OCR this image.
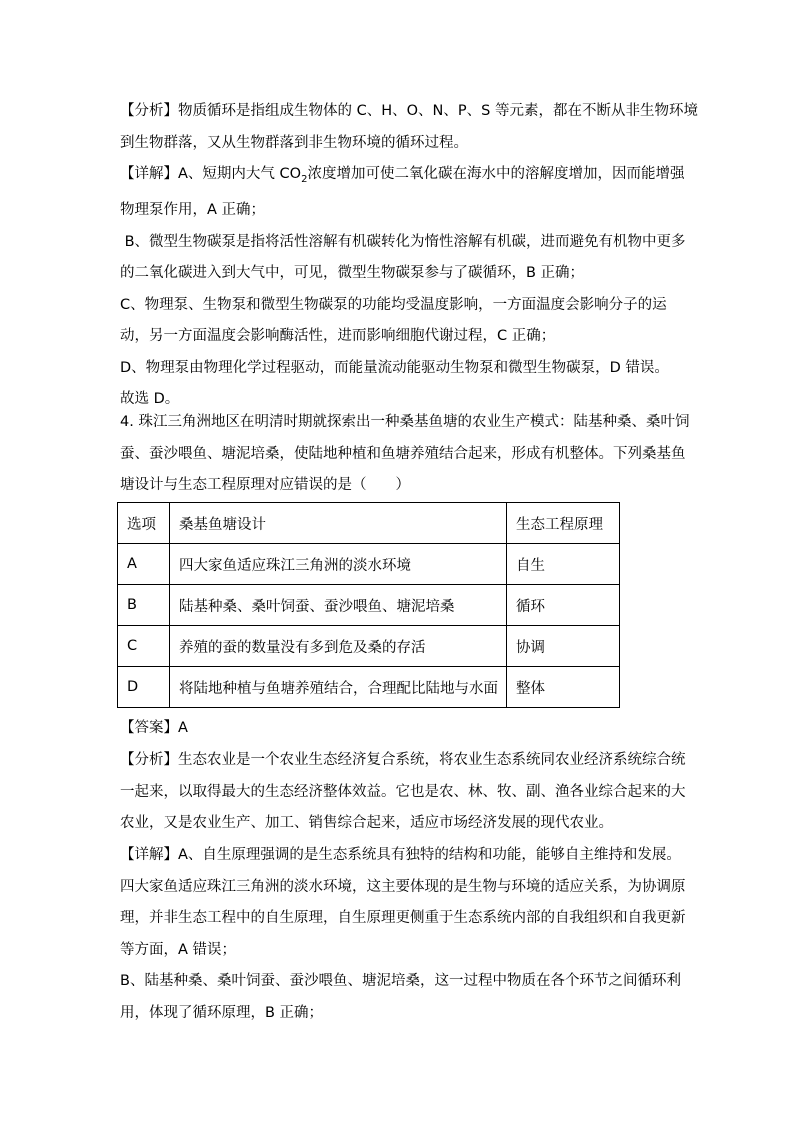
【分析】物质循环是指组成生物体的 C、H、O、N、P、S 等元素，都在不断从非生物环境
到生物群落，又从生物群落到非生物环境的循环过程。
【详解】A、短期内大气 $CO_2$浓度增加可使二氧化碳在海水中的溶解度增加，因而能增强
物理泵作用，A 正确；
B、微型生物碳泵是指将活性溶解有机碳转化为惰性溶解有机碳，进而避免有机物中更多
的二氧化碳进入到大气中，可见，微型生物碳泵参与了碳循环，B 正确；
C、物理泵、生物泵和微型生物碳泵的功能均受温度影响，一方面温度会影响分子的运
动，另一方面温度会影响酶活性，进而影响细胞代谢过程，C 正确；
D、物理泵由物理化学过程驱动，而能量流动能驱动生物泵和微型生物碳泵，D 错误。
故选 D。
4. 珠江三角洲地区在明清时期就探索出一种桑基鱼塘的农业生产模式：陆基种桑、桑叶饲
蚕、蚕沙喂鱼、塘泥培桑，使陆地种植和鱼塘养殖结合起来，形成有机整体。下列桑基鱼
塘设计与生态工程原理对应错误的是（　　）
选项	桑基鱼塘设计	生态工程原理
A	四大家鱼适应珠江三角洲的淡水环境	自生
B	陆基种桑、桑叶饲蚕、蚕沙喂鱼、塘泥培桑	循环
C	养殖的蚕的数量没有多到危及桑的存活	协调
D	将陆地种植与鱼塘养殖结合，合理配比陆地与水面	整体
【答案】A
【分析】生态农业是一个农业生态经济复合系统，将农业生态系统同农业经济系统综合统
一起来，以取得最大的生态经济整体效益。它也是农、林、牧、副、渔各业综合起来的大
农业，又是农业生产、加工、销售综合起来，适应市场经济发展的现代农业。
【详解】A、自生原理强调的是生态系统具有独特的结构和功能，能够自主维持和发展。
四大家鱼适应珠江三角洲的淡水环境，这主要体现的是生物与环境的适应关系，为协调原
理，并非生态工程中的自生原理，自生原理更侧重于生态系统内部的自我组织和自我更新
等方面，A 错误；
B、陆基种桑、桑叶饲蚕、蚕沙喂鱼、塘泥培桑，这一过程中物质在各个环节之间循环利
用，体现了循环原理，B 正确；
